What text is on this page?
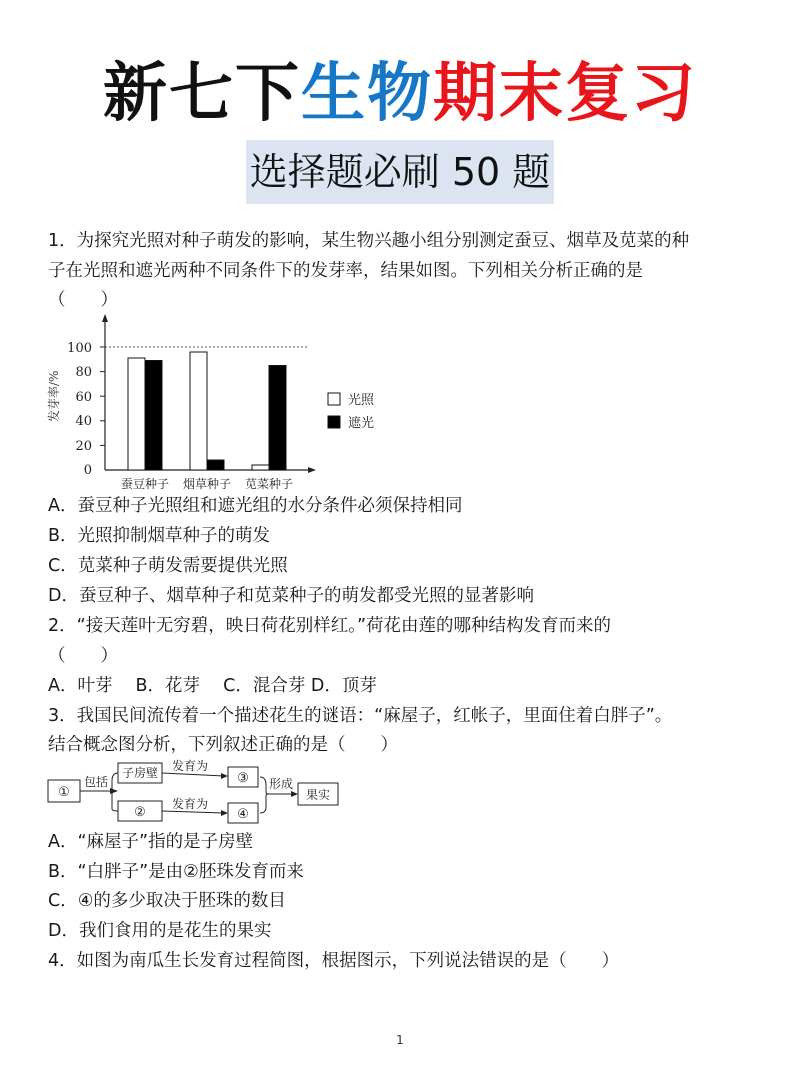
新七下生物期末复习
选择题必刷 50 题
1．为探究光照对种子萌发的影响，某生物兴趣小组分别测定蚕豆、烟草及苋菜的种
子在光照和遮光两种不同条件下的发芽率，结果如图。下列相关分析正确的是
（　　）
0
20
40
60
80
100
发芽率/%
蚕豆种子 烟草种子 苋菜种子
光照
遮光
A．蚕豆种子光照组和遮光组的水分条件必须保持相同
B．光照抑制烟草种子的萌发
C．苋菜种子萌发需要提供光照
D．蚕豆种子、烟草种子和苋菜种子的萌发都受光照的显著影响
2．“接天莲叶无穷碧，映日荷花别样红。”荷花由莲的哪种结构发育而来的
（　　）
A．叶芽　 B．花芽　 C．混合芽 D．顶芽
3．我国民间流传着一个描述花生的谜语：“麻屋子，红帐子，里面住着白胖子”。
结合概念图分析，下列叙述正确的是（　　）
①
包括
子房壁
②
发育为
发育为
③
④
形成
果实
A．“麻屋子”指的是子房壁
B．“白胖子”是由②胚珠发育而来
C．④的多少取决于胚珠的数目
D．我们食用的是花生的果实
4．如图为南瓜生长发育过程简图，根据图示，下列说法错误的是（　　）
1
